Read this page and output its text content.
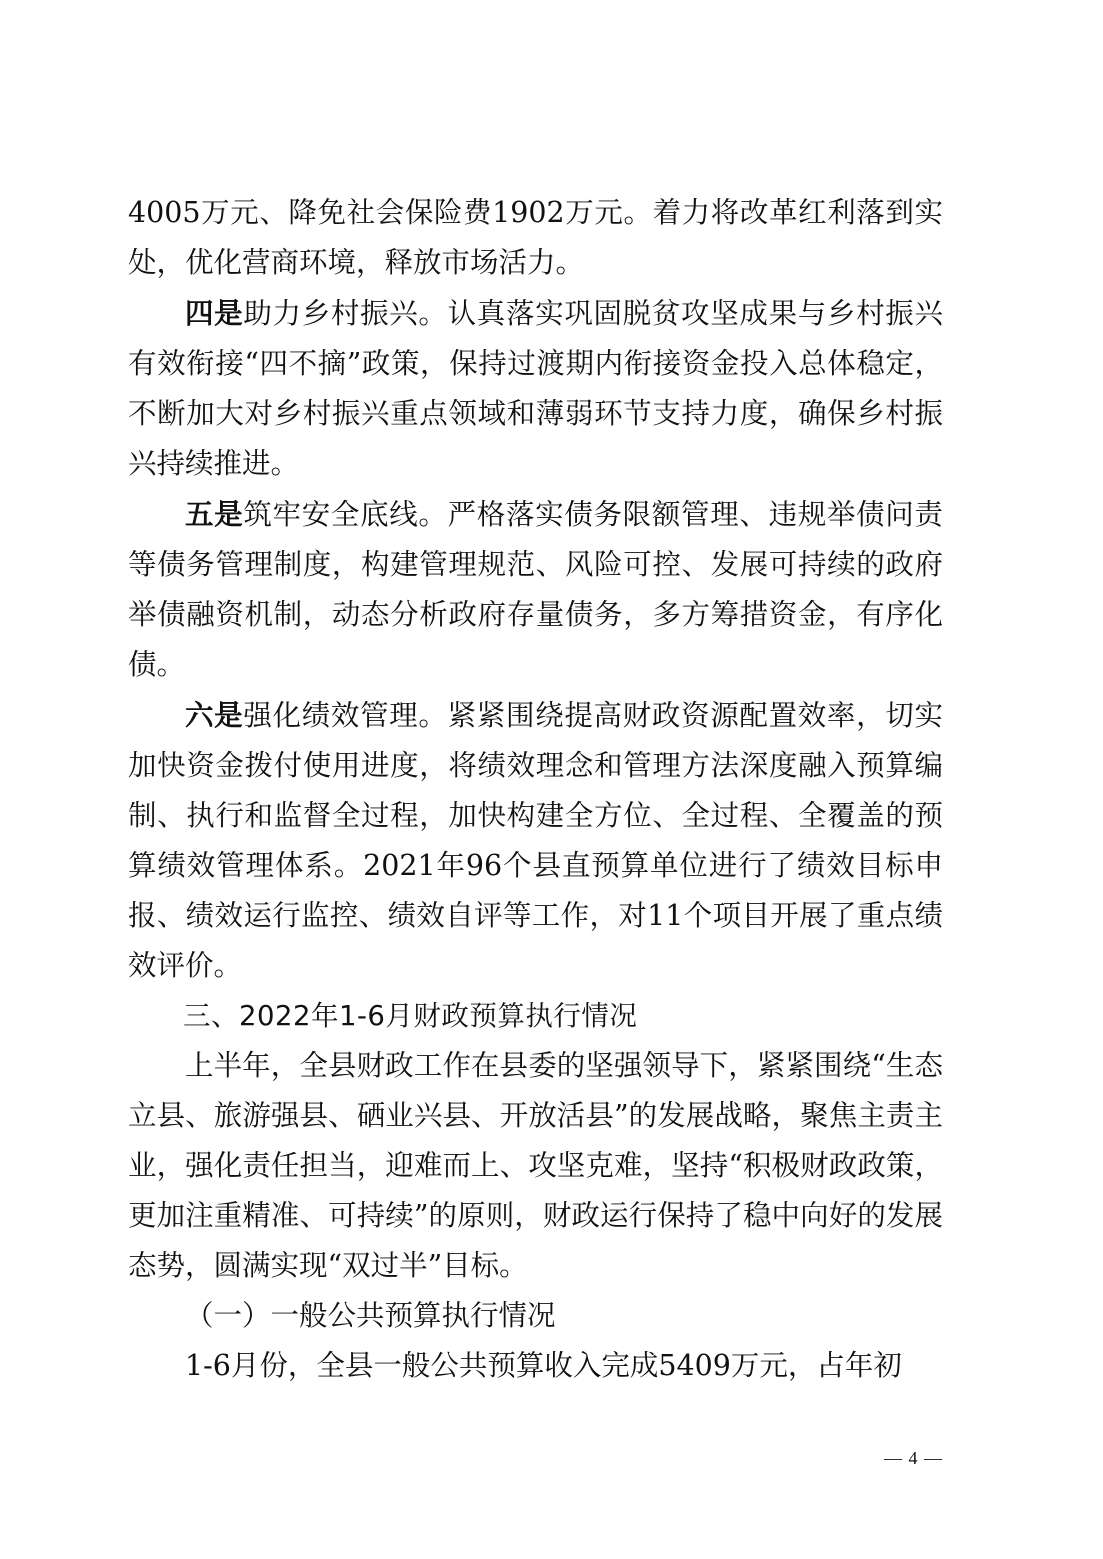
4005万元、降免社会保险费1902万元。着力将改革红利落到实处，优化营商环境，释放市场活力。

四是助力乡村振兴。认真落实巩固脱贫攻坚成果与乡村振兴有效衔接“四不摘”政策，保持过渡期内衔接资金投入总体稳定，不断加大对乡村振兴重点领域和薄弱环节支持力度，确保乡村振兴持续推进。

五是筑牢安全底线。严格落实债务限额管理、违规举债问责等债务管理制度，构建管理规范、风险可控、发展可持续的政府举债融资机制，动态分析政府存量债务，多方筹措资金，有序化债。

六是强化绩效管理。紧紧围绕提高财政资源配置效率，切实加快资金拨付使用进度，将绩效理念和管理方法深度融入预算编制、执行和监督全过程，加快构建全方位、全过程、全覆盖的预算绩效管理体系。2021年96个县直预算单位进行了绩效目标申报、绩效运行监控、绩效自评等工作，对11个项目开展了重点绩效评价。

三、2022年1-6月财政预算执行情况

上半年，全县财政工作在县委的坚强领导下，紧紧围绕“生态立县、旅游强县、硒业兴县、开放活县”的发展战略，聚焦主责主业，强化责任担当，迎难而上、攻坚克难，坚持“积极财政政策，更加注重精准、可持续”的原则，财政运行保持了稳中向好的发展态势，圆满实现“双过半”目标。

（一）一般公共预算执行情况

1-6月份，全县一般公共预算收入完成5409万元，占年初

— 4 —
